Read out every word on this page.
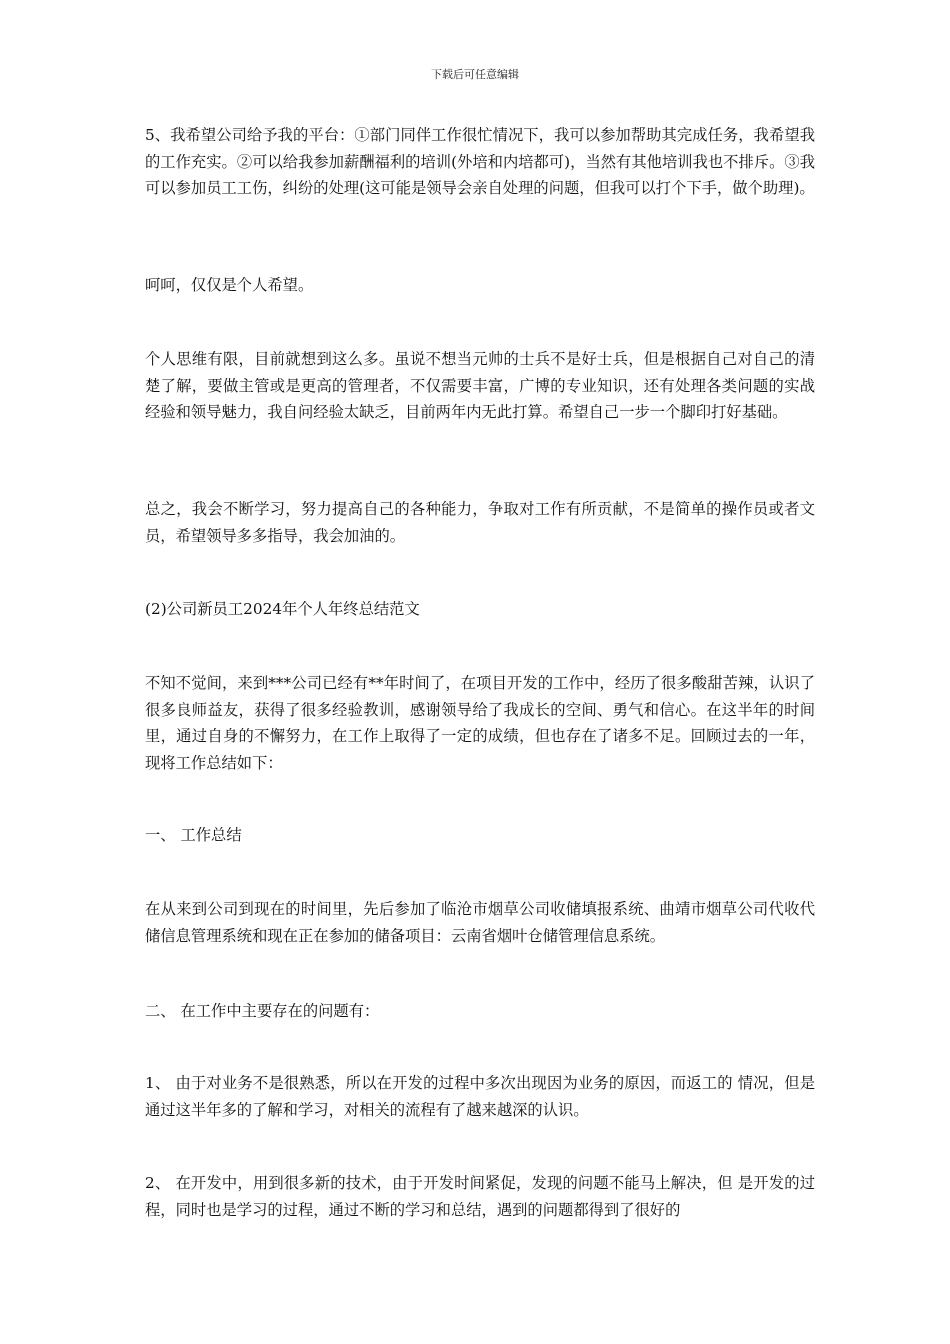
下载后可任意编辑

5、我希望公司给予我的平台：①部门同伴工作很忙情况下，我可以参加帮助其完成任务，我希望我的工作充实。②可以给我参加薪酬福利的培训(外培和内培都可)，当然有其他培训我也不排斥。③我可以参加员工工伤，纠纷的处理(这可能是领导会亲自处理的问题，但我可以打个下手，做个助理)。

呵呵，仅仅是个人希望。

个人思维有限，目前就想到这么多。虽说不想当元帅的士兵不是好士兵，但是根据自己对自己的清楚了解，要做主管或是更高的管理者，不仅需要丰富，广博的专业知识，还有处理各类问题的实战经验和领导魅力，我自问经验太缺乏，目前两年内无此打算。希望自己一步一个脚印打好基础。

总之，我会不断学习，努力提高自己的各种能力，争取对工作有所贡献，不是简单的操作员或者文员，希望领导多多指导，我会加油的。

(2)公司新员工2024年个人年终总结范文

不知不觉间，来到***公司已经有**年时间了，在项目开发的工作中，经历了很多酸甜苦辣，认识了很多良师益友，获得了很多经验教训，感谢领导给了我成长的空间、勇气和信心。在这半年的时间里，通过自身的不懈努力，在工作上取得了一定的成绩，但也存在了诸多不足。回顾过去的一年，现将工作总结如下：

一、 工作总结

在从来到公司到现在的时间里，先后参加了临沧市烟草公司收储填报系统、曲靖市烟草公司代收代储信息管理系统和现在正在参加的储备项目：云南省烟叶仓储管理信息系统。

二、 在工作中主要存在的问题有：

1、 由于对业务不是很熟悉，所以在开发的过程中多次出现因为业务的原因，而返工的 情况，但是通过这半年多的了解和学习，对相关的流程有了越来越深的认识。

2、 在开发中，用到很多新的技术，由于开发时间紧促，发现的问题不能马上解决，但 是开发的过程，同时也是学习的过程，通过不断的学习和总结，遇到的问题都得到了很好的
